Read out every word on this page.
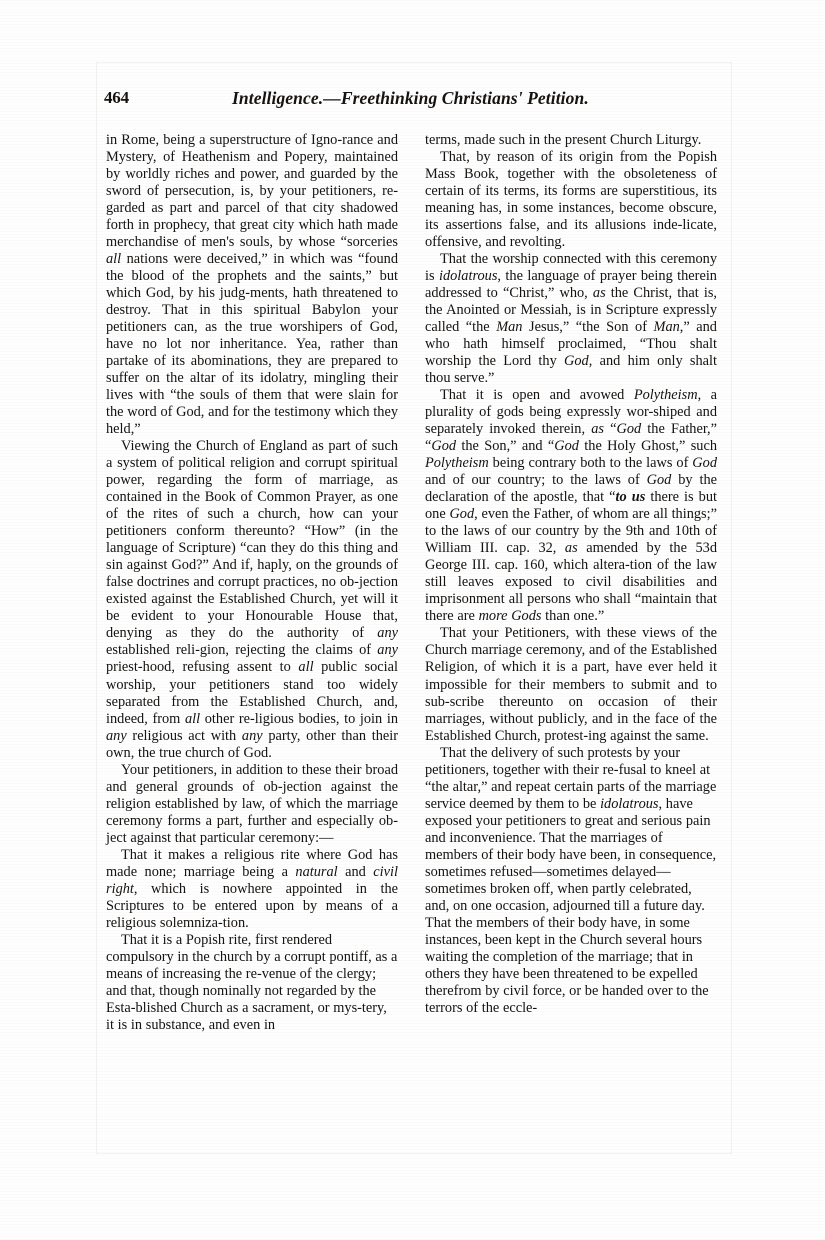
464	Intelligence.—Freethinking Christians' Petition.

in Rome, being a superstructure of Igno-rance and Mystery, of Heathenism and Popery, maintained by worldly riches and power, and guarded by the sword of persecution, is, by your petitioners, re-garded as part and parcel of that city shadowed forth in prophecy, that great city which hath made merchandise of men's souls, by whose “sorceries all nations were deceived,” in which was “found the blood of the prophets and the saints,” but which God, by his judg-ments, hath threatened to destroy. That in this spiritual Babylon your petitioners can, as the true worshipers of God, have no lot nor inheritance. Yea, rather than partake of its abominations, they are prepared to suffer on the altar of its idolatry, mingling their lives with “the souls of them that were slain for the word of God, and for the testimony which they held,”

Viewing the Church of England as part of such a system of political religion and corrupt spiritual power, regarding the form of marriage, as contained in the Book of Common Prayer, as one of the rites of such a church, how can your petitioners conform thereunto? “How” (in the language of Scripture) “can they do this thing and sin against God?” And if, haply, on the grounds of false doctrines and corrupt practices, no ob-jection existed against the Established Church, yet will it be evident to your Honourable House that, denying as they do the authority of any established reli-gion, rejecting the claims of any priest-hood, refusing assent to all public social worship, your petitioners stand too widely separated from the Established Church, and, indeed, from all other re-ligious bodies, to join in any religious act with any party, other than their own, the true church of God.

Your petitioners, in addition to these their broad and general grounds of ob-jection against the religion established by law, of which the marriage ceremony forms a part, further and especially ob-ject against that particular ceremony:—

That it makes a religious rite where God has made none; marriage being a natural and civil right, which is nowhere appointed in the Scriptures to be entered upon by means of a religious solemniza-tion.

That it is a Popish rite, first rendered compulsory in the church by a corrupt pontiff, as a means of increasing the re-venue of the clergy; and that, though nominally not regarded by the Esta-blished Church as a sacrament, or mys-tery, it is in substance, and even in

terms, made such in the present Church Liturgy.

That, by reason of its origin from the Popish Mass Book, together with the obsoleteness of certain of its terms, its forms are superstitious, its meaning has, in some instances, become obscure, its assertions false, and its allusions inde-licate, offensive, and revolting.

That the worship connected with this ceremony is idolatrous, the language of prayer being therein addressed to “Christ,” who, as the Christ, that is, the Anointed or Messiah, is in Scripture expressly called “the Man Jesus,” “the Son of Man,” and who hath himself proclaimed, “Thou shalt worship the Lord thy God, and him only shalt thou serve.”

That it is open and avowed Polytheism, a plurality of gods being expressly wor-shiped and separately invoked therein, as “God the Father,” “God the Son,” and “God the Holy Ghost,” such Polytheism being contrary both to the laws of God and of our country; to the laws of God by the declaration of the apostle, that “to us there is but one God, even the Father, of whom are all things;” to the laws of our country by the 9th and 10th of William III. cap. 32, as amended by the 53d George III. cap. 160, which altera-tion of the law still leaves exposed to civil disabilities and imprisonment all persons who shall “maintain that there are more Gods than one.”

That your Petitioners, with these views of the Church marriage ceremony, and of the Established Religion, of which it is a part, have ever held it impossible for their members to submit and to sub-scribe thereunto on occasion of their marriages, without publicly, and in the face of the Established Church, protest-ing against the same.

That the delivery of such protests by your petitioners, together with their re-fusal to kneel at “the altar,” and repeat certain parts of the marriage service deemed by them to be idolatrous, have exposed your petitioners to great and serious pain and inconvenience. That the marriages of members of their body have been, in consequence, sometimes refused—sometimes delayed—sometimes broken off, when partly celebrated, and, on one occasion, adjourned till a future day. That the members of their body have, in some instances, been kept in the Church several hours waiting the completion of the marriage; that in others they have been threatened to be expelled therefrom by civil force, or be handed over to the terrors of the eccle-
